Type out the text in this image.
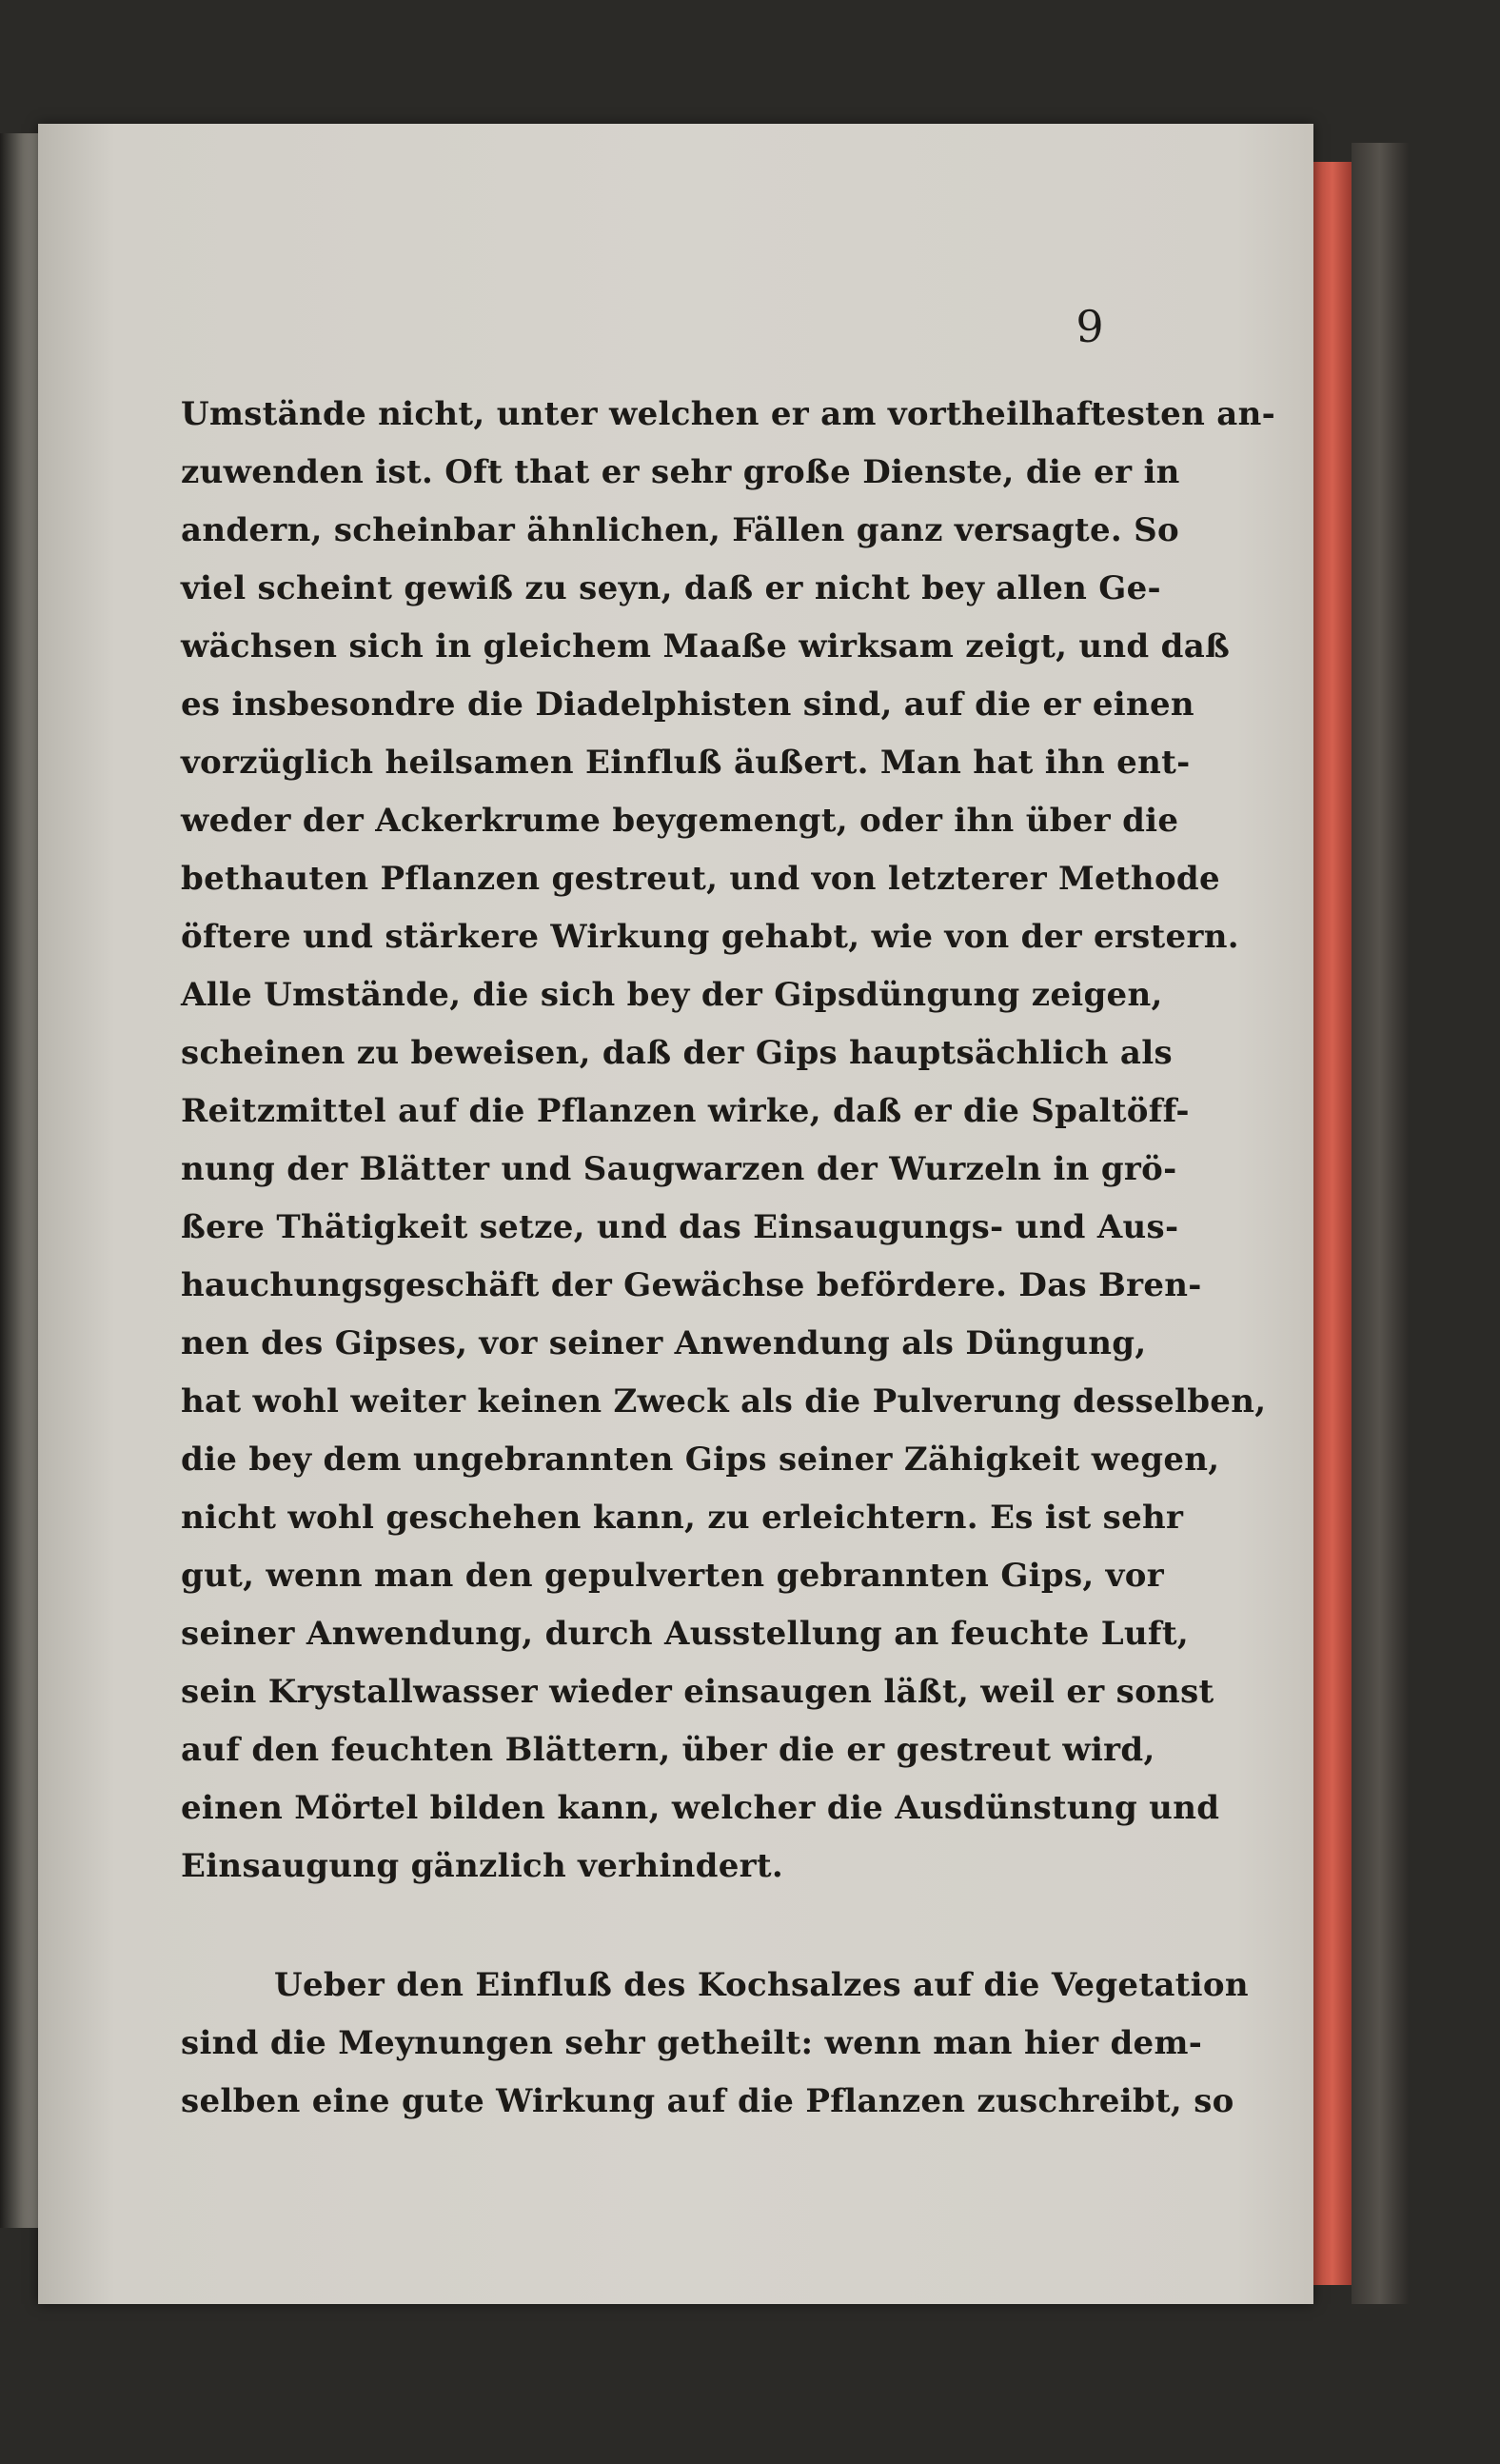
9
Umstände nicht, unter welchen er am vortheilhaftesten an-
zuwenden ist. Oft that er sehr große Dienste, die er in
andern, scheinbar ähnlichen, Fällen ganz versagte. So
viel scheint gewiß zu seyn, daß er nicht bey allen Ge-
wächsen sich in gleichem Maaße wirksam zeigt, und daß
es insbesondre die Diadelphisten sind, auf die er einen
vorzüglich heilsamen Einfluß äußert. Man hat ihn ent-
weder der Ackerkrume beygemengt, oder ihn über die
bethauten Pflanzen gestreut, und von letzterer Methode
öftere und stärkere Wirkung gehabt, wie von der erstern.
Alle Umstände, die sich bey der Gipsdüngung zeigen,
scheinen zu beweisen, daß der Gips hauptsächlich als
Reitzmittel auf die Pflanzen wirke, daß er die Spaltöff-
nung der Blätter und Saugwarzen der Wurzeln in grö-
ßere Thätigkeit setze, und das Einsaugungs- und Aus-
hauchungsgeschäft der Gewächse befördere. Das Bren-
nen des Gipses, vor seiner Anwendung als Düngung,
hat wohl weiter keinen Zweck als die Pulverung desselben,
die bey dem ungebrannten Gips seiner Zähigkeit wegen,
nicht wohl geschehen kann, zu erleichtern. Es ist sehr
gut, wenn man den gepulverten gebrannten Gips, vor
seiner Anwendung, durch Ausstellung an feuchte Luft,
sein Krystallwasser wieder einsaugen läßt, weil er sonst
auf den feuchten Blättern, über die er gestreut wird,
einen Mörtel bilden kann, welcher die Ausdünstung und
Einsaugung gänzlich verhindert.
Ueber den Einfluß des Kochsalzes auf die Vegetation
sind die Meynungen sehr getheilt: wenn man hier dem-
selben eine gute Wirkung auf die Pflanzen zuschreibt, so
